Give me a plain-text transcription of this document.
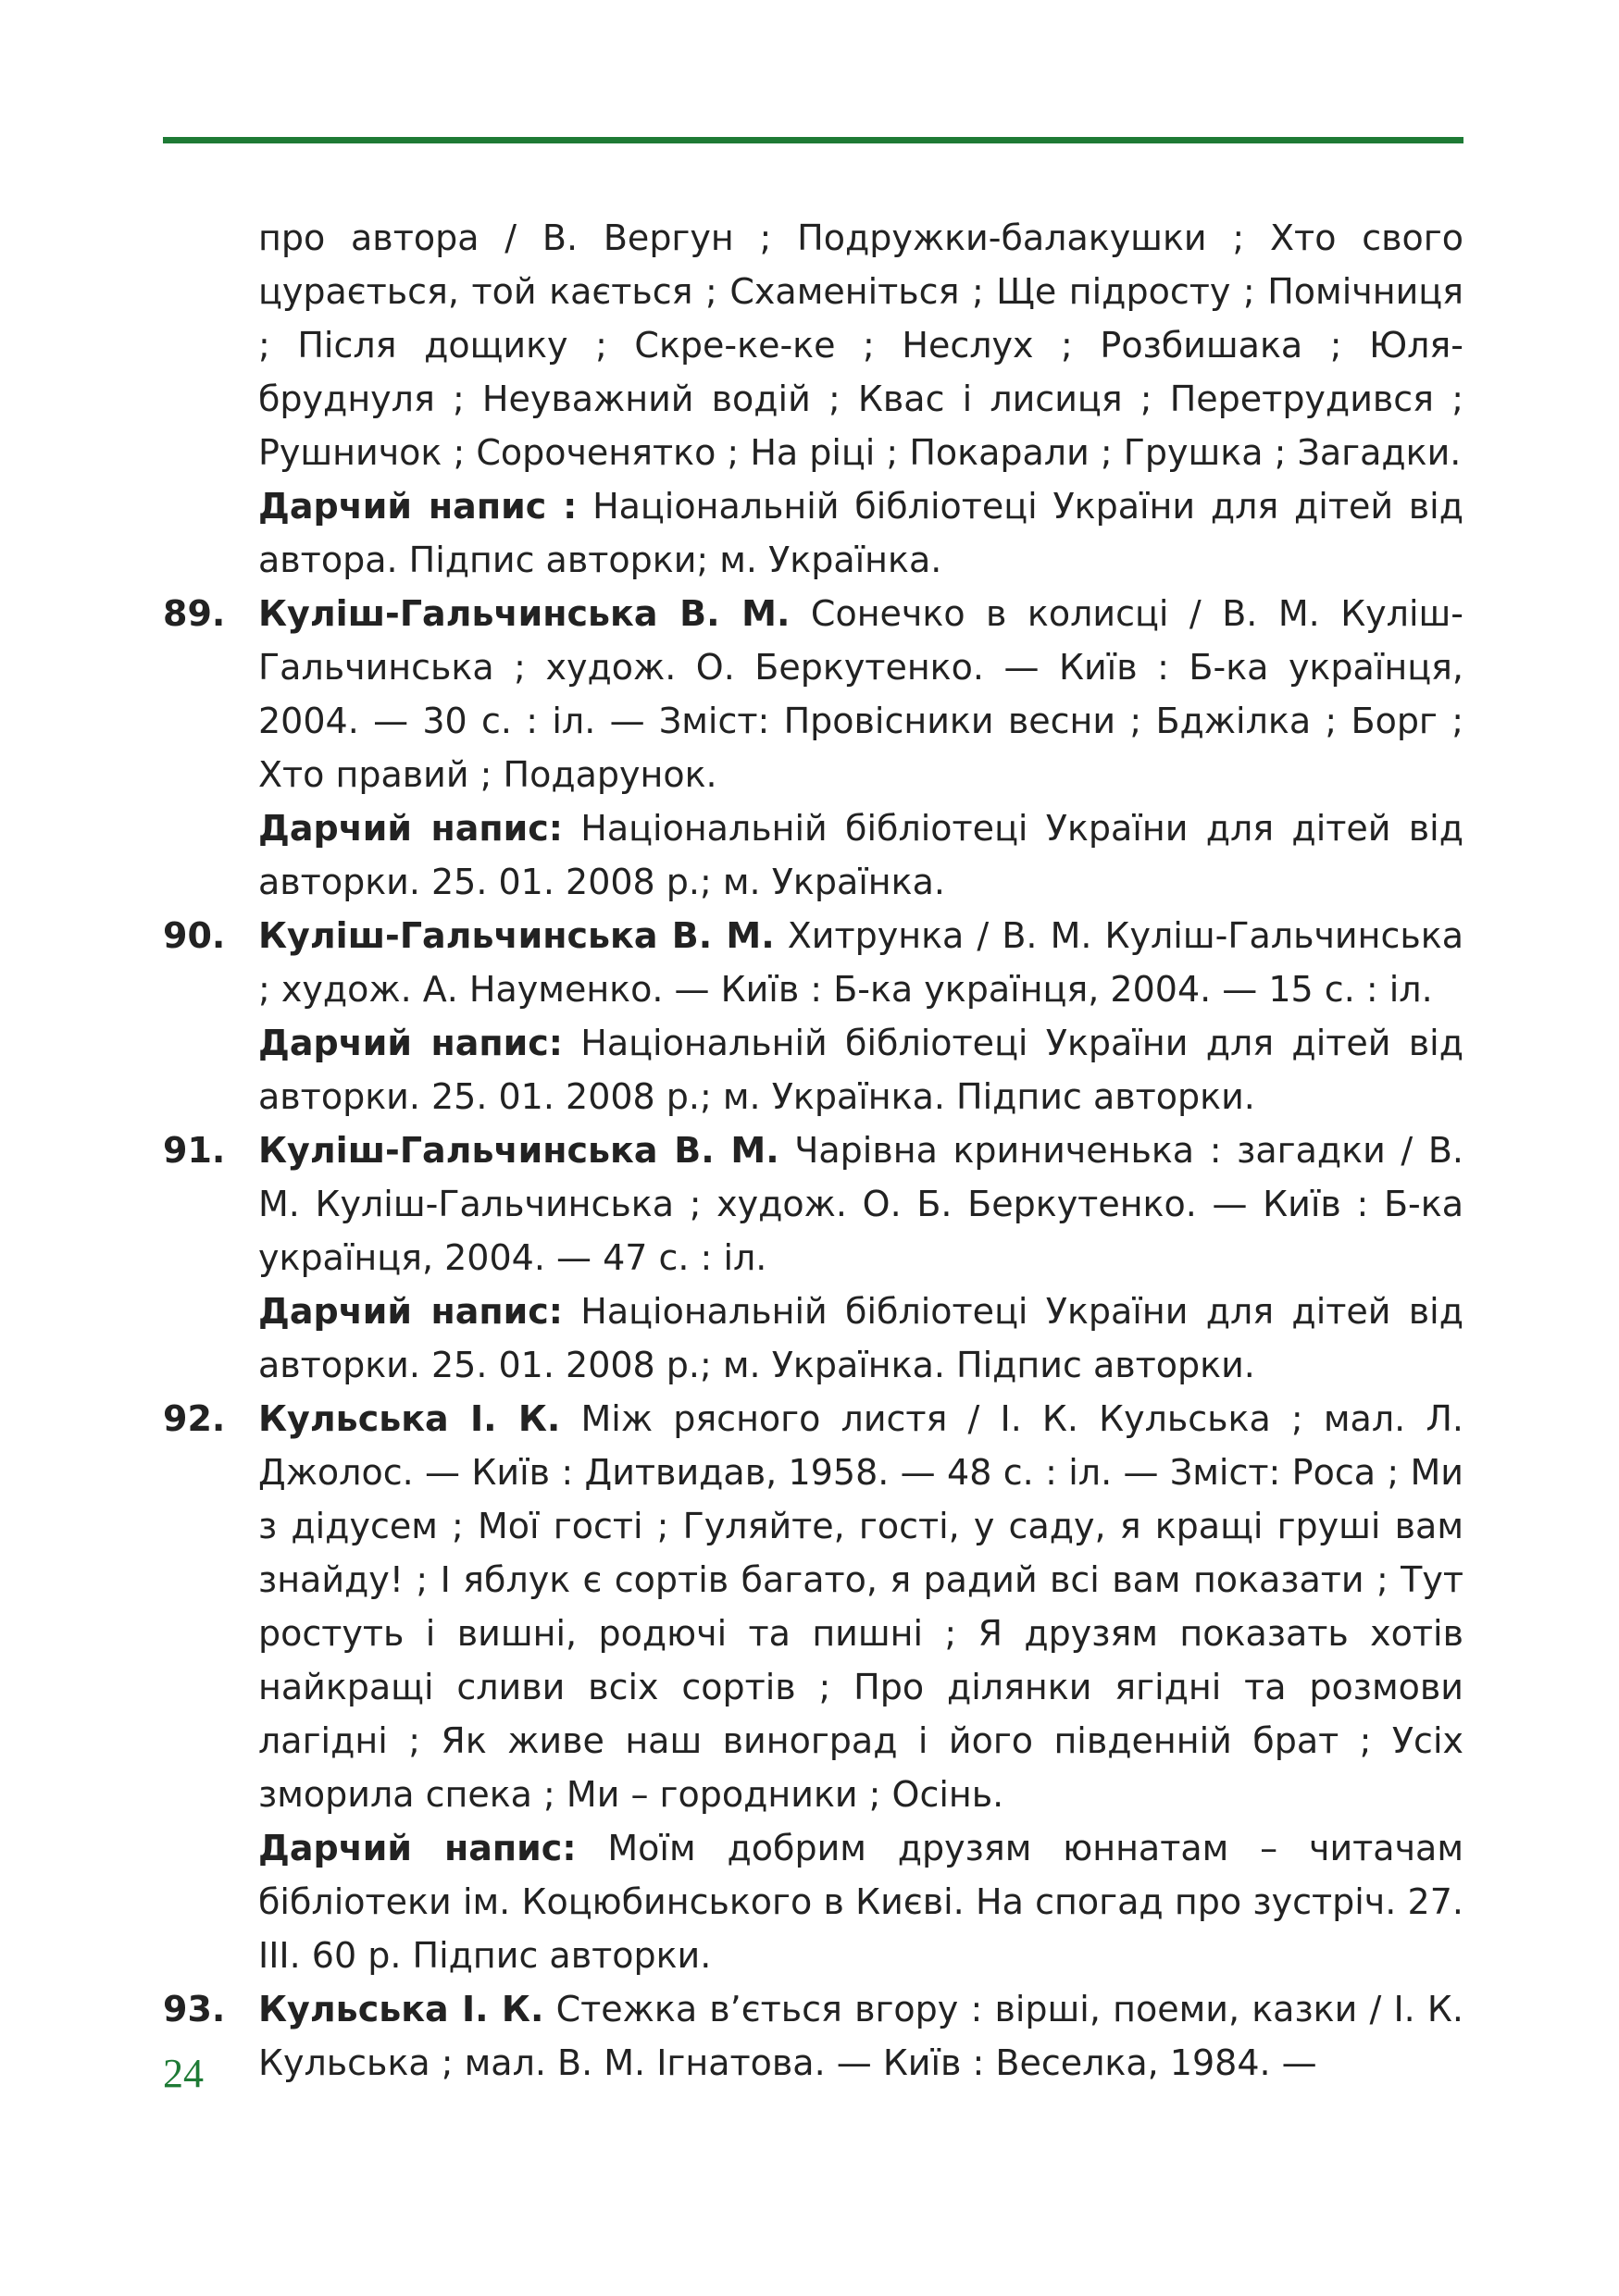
про автора / В. Вергун ; Подружки-балакушки ; Хто свого цурається, той кається ; Схаменіться ; Ще підросту ; Помічниця ; Після дощику ; Скре-ке-ке ; Неслух ; Розбишака ; Юля-бруднуля ; Неуважний водій ; Квас і лисиця ; Перетрудився ; Рушничок ; Сороченятко ; На ріці ; Покарали ; Грушка ; Загадки.
Дарчий напис : Національній бібліотеці України для дітей від автора. Підпис авторки; м. Українка.
89. Куліш-Гальчинська В. М. Сонечко в колисці / В. М. Куліш-Гальчинська ; худож. О. Беркутенко. — Київ : Б-ка українця, 2004. — 30 с. : іл. — Зміст: Провісники весни ; Бджілка ; Борг ; Хто правий ; Подарунок.
Дарчий напис: Національній бібліотеці України для дітей від авторки. 25. 01. 2008 р.; м. Українка.
90. Куліш-Гальчинська В. М. Хитрунка / В. М. Куліш-Гальчинська ; худож. А. Науменко. — Київ : Б-ка українця, 2004. — 15 с. : іл.
Дарчий напис: Національній бібліотеці України для дітей від авторки. 25. 01. 2008 р.; м. Українка. Підпис авторки.
91. Куліш-Гальчинська В. М. Чарівна криниченька : загадки / В. М. Куліш-Гальчинська ; худож. О. Б. Беркутенко. — Київ : Б-ка українця, 2004. — 47 с. : іл.
Дарчий напис: Національній бібліотеці України для дітей від авторки. 25. 01. 2008 р.; м. Українка. Підпис авторки.
92. Кульська І. К. Між рясного листя / І. К. Кульська ; мал. Л. Джолос. — Київ : Дитвидав, 1958. — 48 с. : іл. — Зміст: Роса ; Ми з дідусем ; Мої гості ; Гуляйте, гості, у саду, я кращі груші вам знайду! ; І яблук є сортів багато, я радий всі вам показати ; Тут ростуть і вишні, родючі та пишні ; Я друзям показать хотів найкращі сливи всіх сортів ; Про ділянки ягідні та розмови лагідні ; Як живе наш виноград і його південній брат ; Усіх зморила спека ; Ми – городники ; Осінь.
Дарчий напис: Моїм добрим друзям юннатам – читачам бібліотеки ім. Коцюбинського в Києві. На спогад про зустріч. 27. ІІІ. 60 р. Підпис авторки.
93. Кульська І. К. Стежка в’ється вгору : вірші, поеми, казки / І. К. Кульська ; мал. В. М. Ігнатова. — Київ : Веселка, 1984. —
24
